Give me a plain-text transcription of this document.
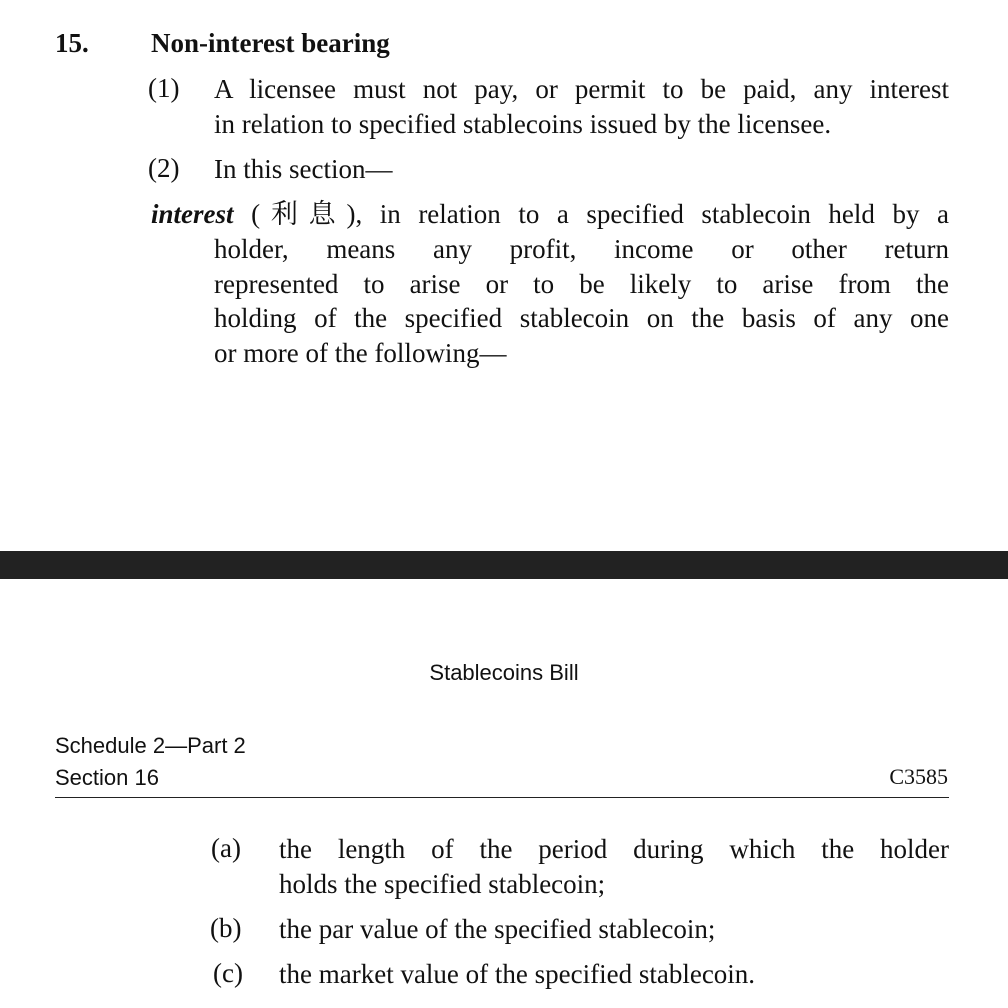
15. Non-interest bearing
(1) A licensee must not pay, or permit to be paid, any interest
in relation to specified stablecoins issued by the licensee.
(2) In this section—
interest (利息), in relation to a specified stablecoin held by a
holder, means any profit, income or other return
represented to arise or to be likely to arise from the
holding of the specified stablecoin on the basis of any one
or more of the following—
Stablecoins Bill
Schedule 2—Part 2
Section 16	C3585
(a) the length of the period during which the holder
holds the specified stablecoin;
(b) the par value of the specified stablecoin;
(c) the market value of the specified stablecoin.
